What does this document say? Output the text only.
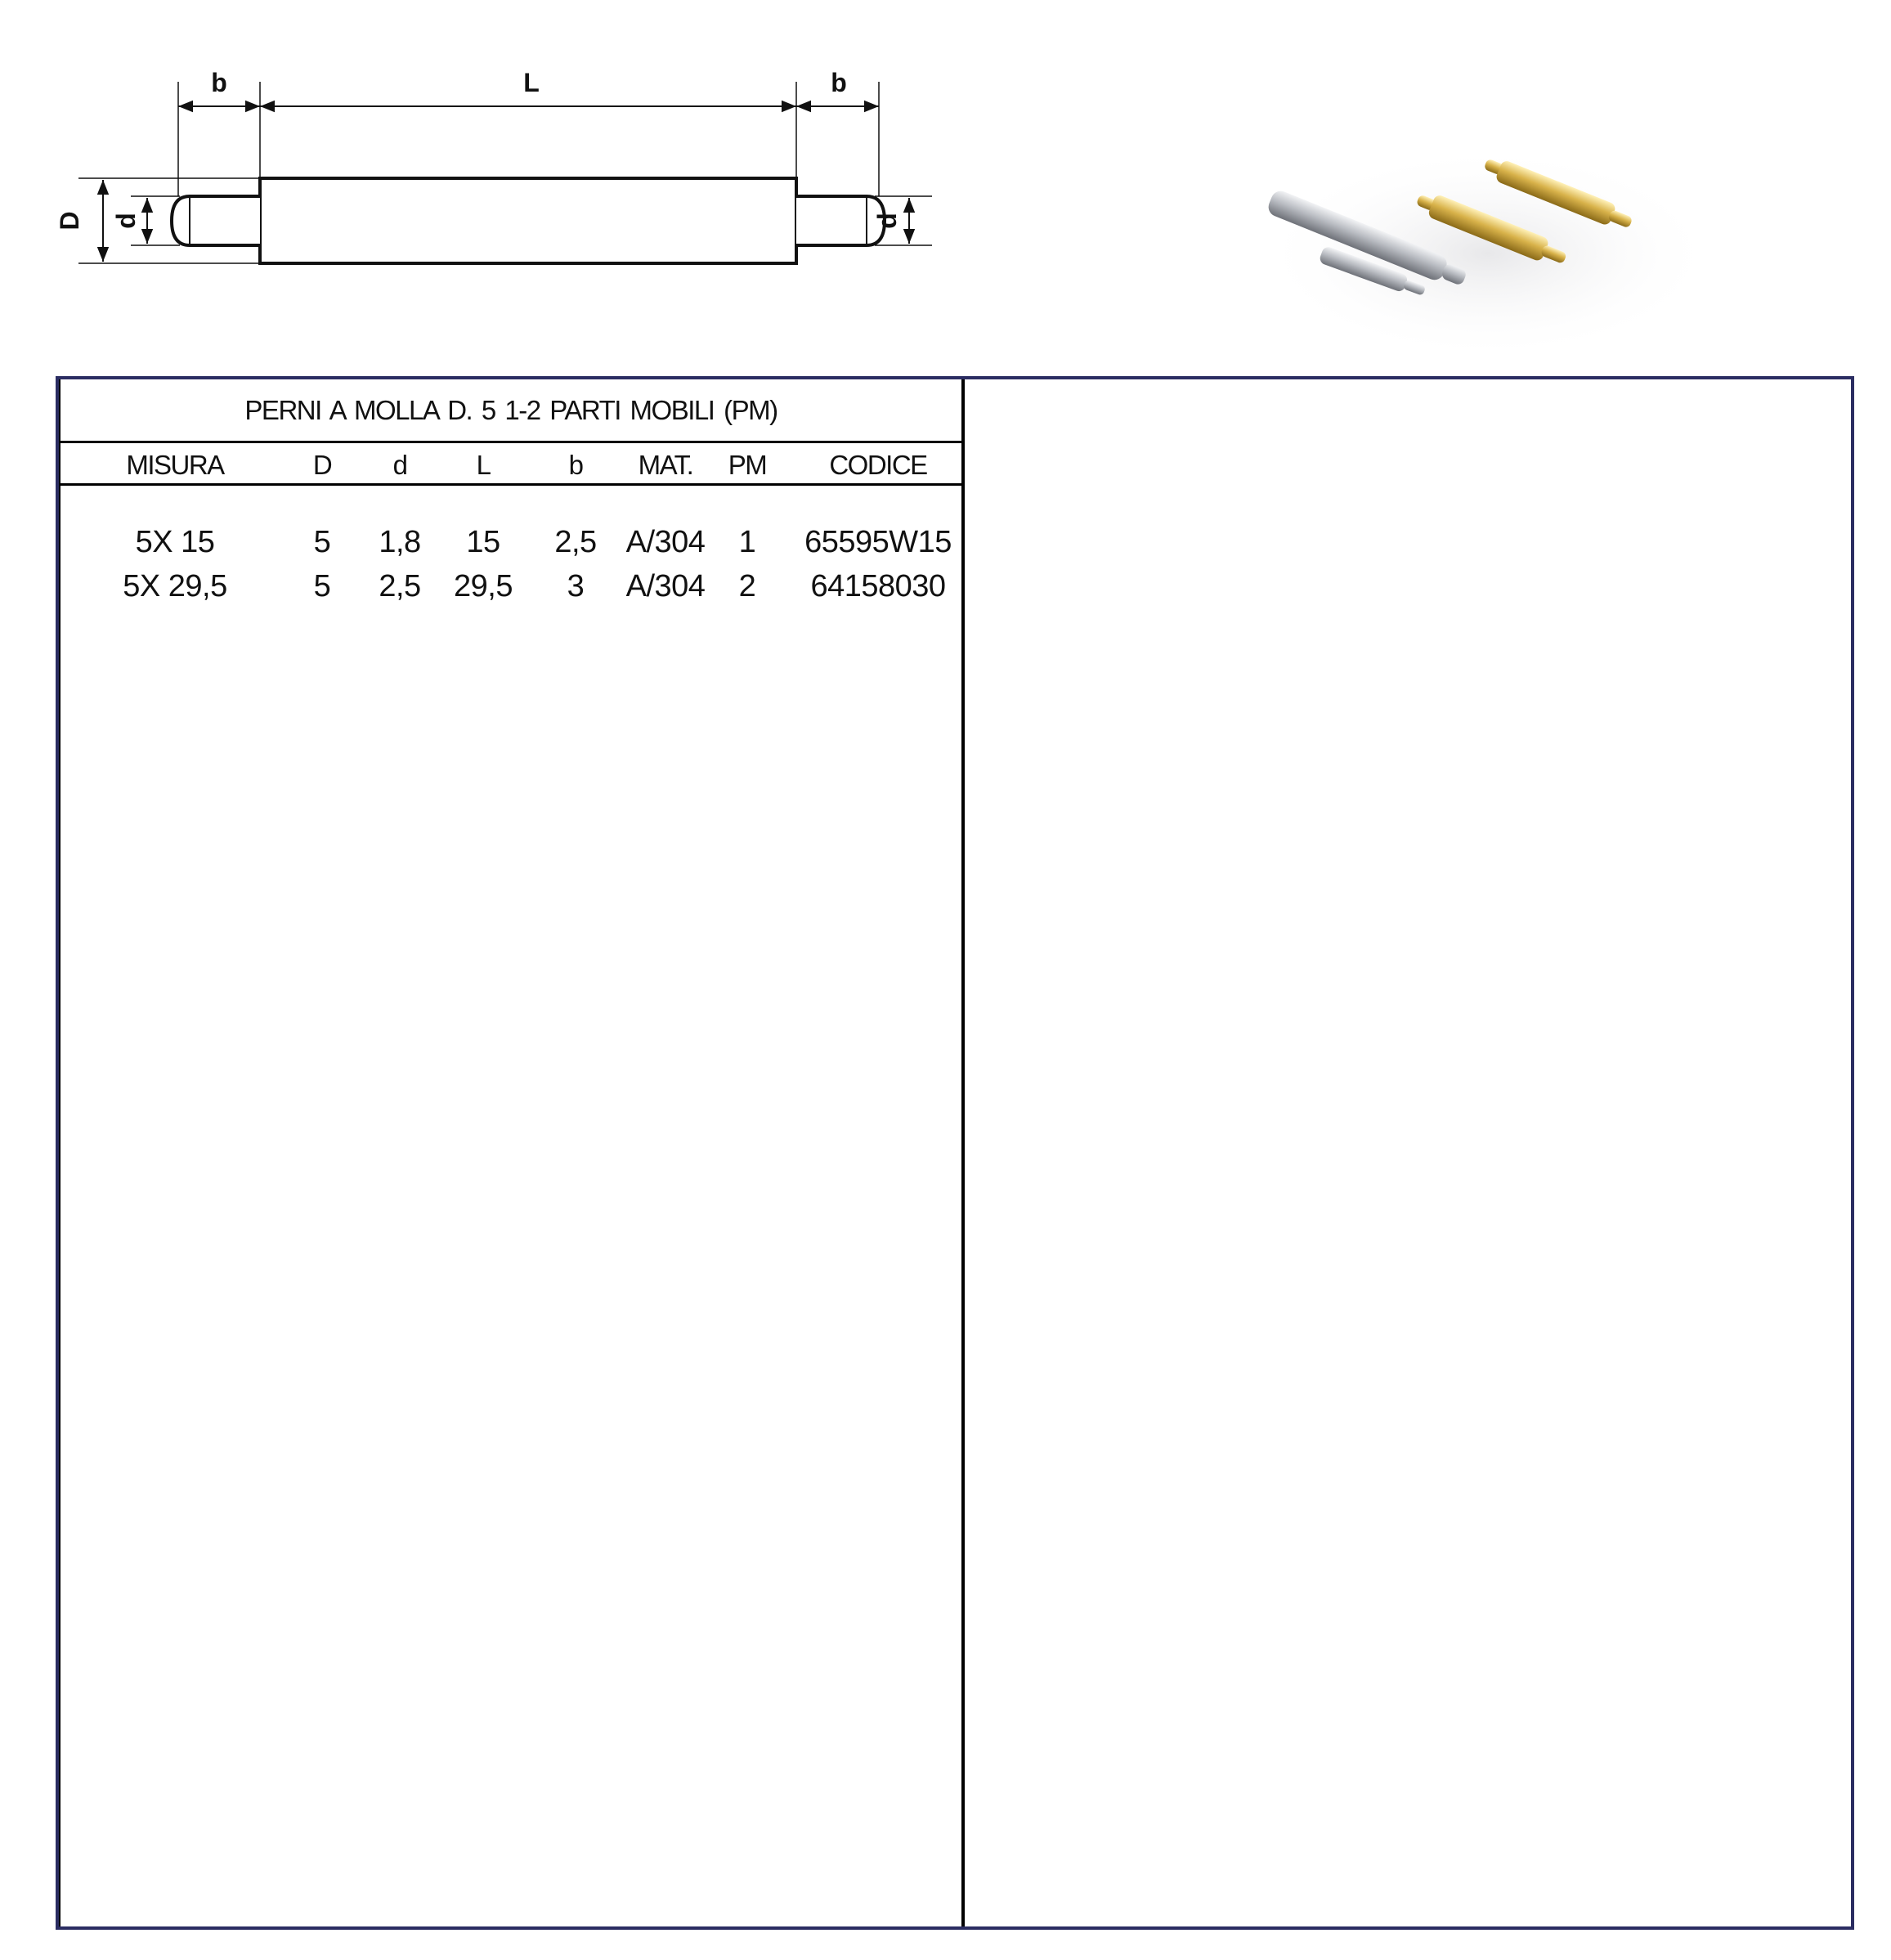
b	L	b
D d	d
PERNI A MOLLA D. 5 1-2 PARTI MOBILI (PM)
MISURA	D	d	L	b	MAT.	PM	CODICE
5X 15	5	1,8	15	2,5 A/304	1	65595W15
5X 29,5	5	2,5	29,5	3	A/304	2	64158030
